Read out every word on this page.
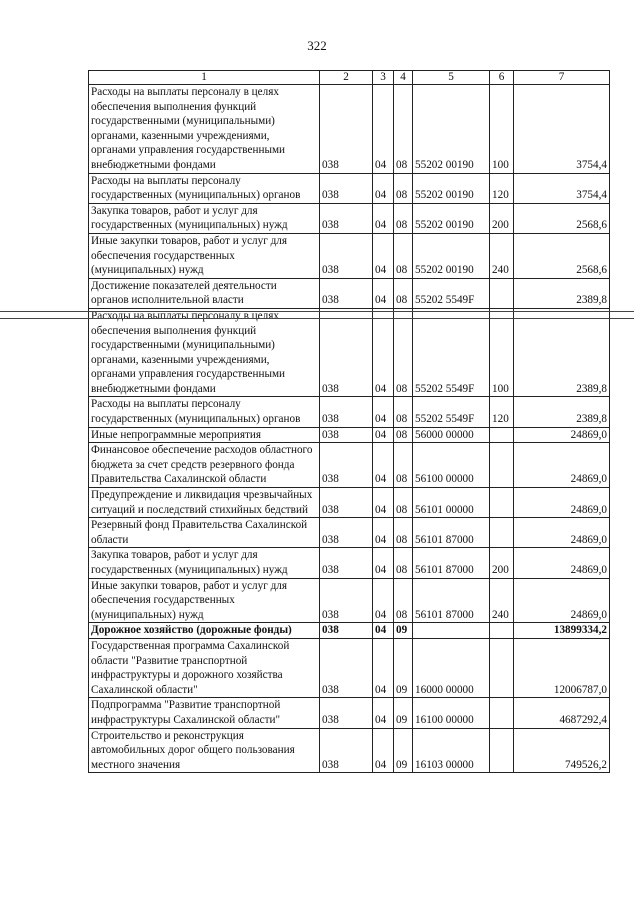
322
1	2	3	4	5	6	7
Расходы на выплаты персоналу в целях обеспечения выполнения функций государственными (муниципальными) органами, казенными учреждениями, органами управления государственными внебюджетными фондами	038	04	08	55202 00190	100	3754,4
Расходы на выплаты персоналу государственных (муниципальных) органов	038	04	08	55202 00190	120	3754,4
Закупка товаров, работ и услуг для государственных (муниципальных) нужд	038	04	08	55202 00190	200	2568,6
Иные закупки товаров, работ и услуг для обеспечения государственных (муниципальных) нужд	038	04	08	55202 00190	240	2568,6
Достижение показателей деятельности органов исполнительной власти	038	04	08	55202 5549F		2389,8
Расходы на выплаты персоналу в целях обеспечения выполнения функций государственными (муниципальными) органами, казенными учреждениями, органами управления государственными внебюджетными фондами	038	04	08	55202 5549F	100	2389,8
Расходы на выплаты персоналу государственных (муниципальных) органов	038	04	08	55202 5549F	120	2389,8
Иные непрограммные мероприятия	038	04	08	56000 00000		24869,0
Финансовое обеспечение расходов областного бюджета за счет средств резервного фонда Правительства Сахалинской области	038	04	08	56100 00000		24869,0
Предупреждение и ликвидация чрезвычайных ситуаций и последствий стихийных бедствий	038	04	08	56101 00000		24869,0
Резервный фонд Правительства Сахалинской области	038	04	08	56101 87000		24869,0
Закупка товаров, работ и услуг для государственных (муниципальных) нужд	038	04	08	56101 87000	200	24869,0
Иные закупки товаров, работ и услуг для обеспечения государственных (муниципальных) нужд	038	04	08	56101 87000	240	24869,0
Дорожное хозяйство (дорожные фонды)	038	04	09			13899334,2
Государственная программа Сахалинской области "Развитие транспортной инфраструктуры и дорожного хозяйства Сахалинской области"	038	04	09	16000 00000		12006787,0
Подпрограмма "Развитие транспортной инфраструктуры Сахалинской области"	038	04	09	16100 00000		4687292,4
Строительство и реконструкция автомобильных дорог общего пользования местного значения	038	04	09	16103 00000		749526,2
